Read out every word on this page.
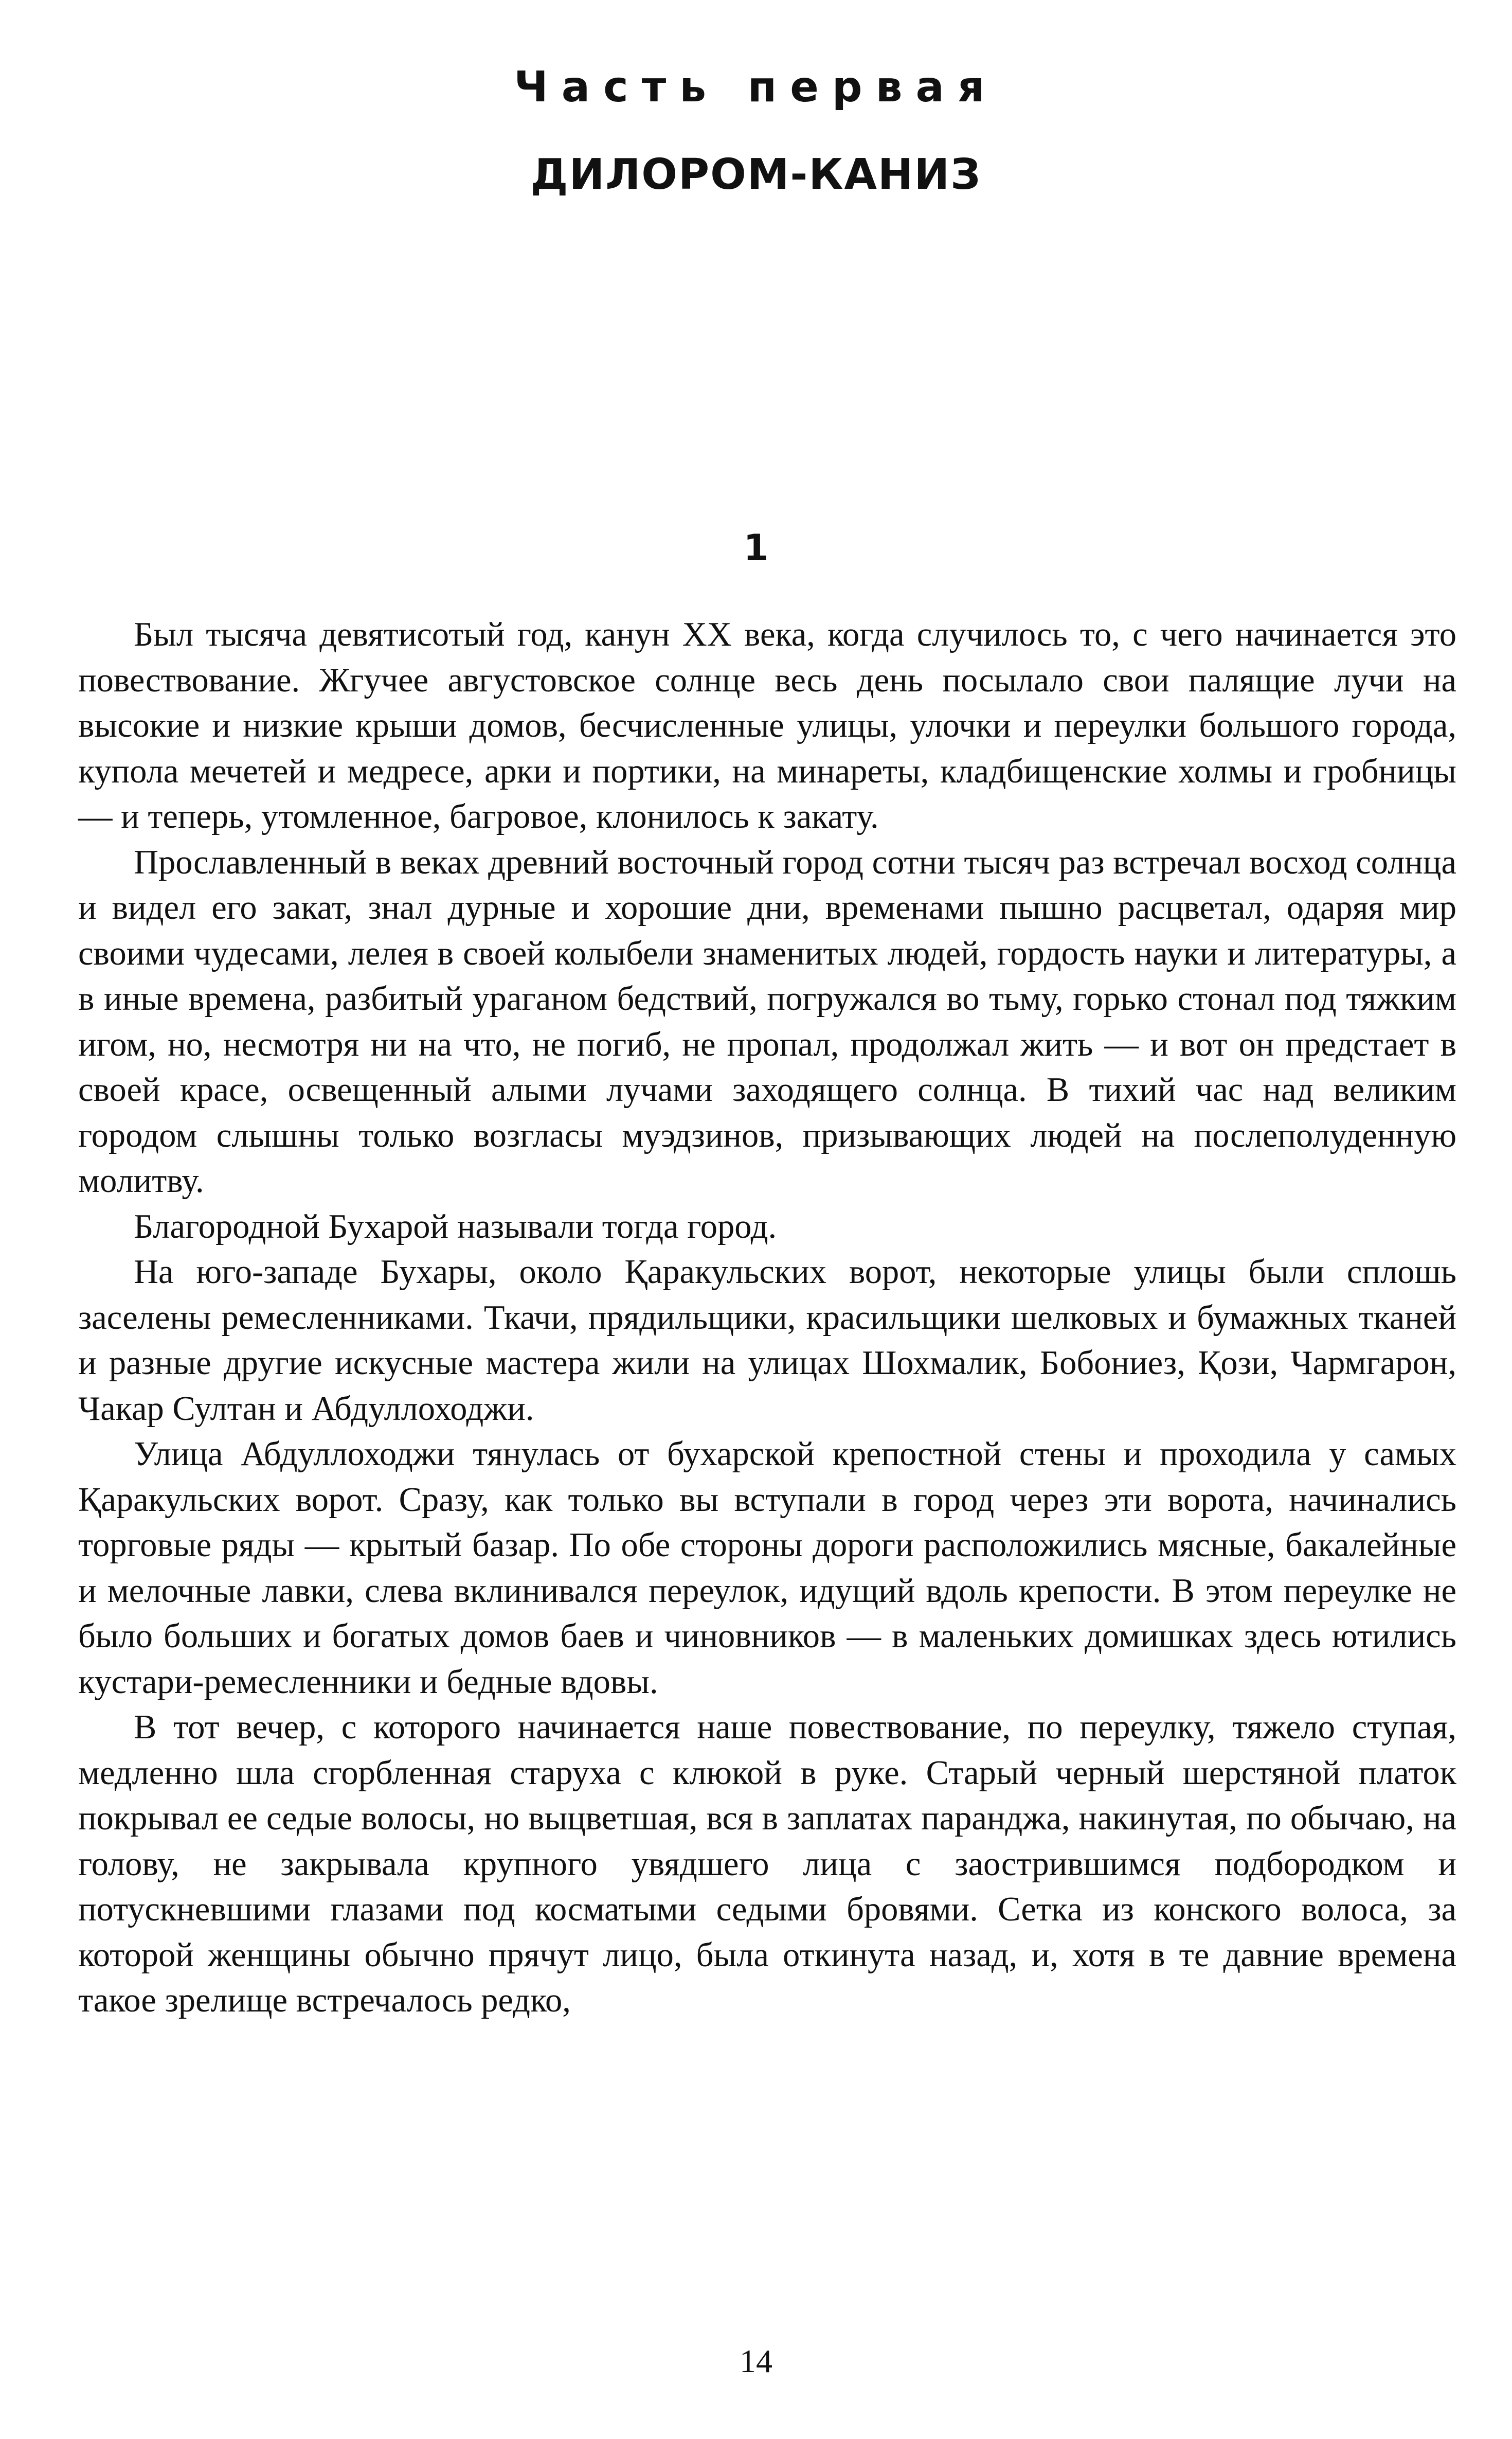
Часть первая
ДИЛОРОМ-КАНИЗ
1

Был тысяча девятисотый год, канун XX века, когда случилось то, с чего начинается это повествование. Жгучее августовское солнце весь день посылало свои палящие лучи на высокие и низкие крыши домов, бесчисленные улицы, улочки и переулки большого города, купола мечетей и медресе, арки и портики, на минареты, кладбищенские холмы и гробницы — и теперь, утомленное, багровое, клонилось к закату.

Прославленный в веках древний восточный город сотни тысяч раз встречал восход солнца и видел его закат, знал дурные и хорошие дни, временами пышно расцветал, одаряя мир своими чудесами, лелея в своей колыбели знаменитых людей, гордость науки и литературы, а в иные времена, разбитый ураганом бедствий, погружался во тьму, горько стонал под тяжким игом, но, несмотря ни на что, не погиб, не пропал, продолжал жить — и вот он предстает в своей красе, освещенный алыми лучами заходящего солнца. В тихий час над великим городом слышны только возгласы муэдзинов, призывающих людей на послеполуденную молитву.

Благородной Бухарой называли тогда город.

На юго-западе Бухары, около Қаракульских ворот, некоторые улицы были сплошь заселены ремесленниками. Ткачи, прядильщики, красильщики шелковых и бумажных тканей и разные другие искусные мастера жили на улицах Шохмалик, Бобониез, Қози, Чармгарон, Чакар Султан и Абдуллоходжи.

Улица Абдуллоходжи тянулась от бухарской крепостной стены и проходила у самых Қаракульских ворот. Сразу, как только вы вступали в город через эти ворота, начинались торговые ряды — крытый базар. По обе стороны дороги расположились мясные, бакалейные и мелочные лавки, слева вклинивался переулок, идущий вдоль крепости. В этом переулке не было больших и богатых домов баев и чиновников — в маленьких домишках здесь ютились кустари-ремесленники и бедные вдовы.

В тот вечер, с которого начинается наше повествование, по переулку, тяжело ступая, медленно шла сгорбленная старуха с клюкой в руке. Старый черный шерстяной платок покрывал ее седые волосы, но выцветшая, вся в заплатах паранджа, накинутая, по обычаю, на голову, не закрывала крупного увядшего лица с заострившимся подбородком и потускневшими глазами под косматыми седыми бровями. Сетка из конского волоса, за которой женщины обычно прячут лицо, была откинута назад, и, хотя в те давние времена такое зрелище встречалось редко,

14
